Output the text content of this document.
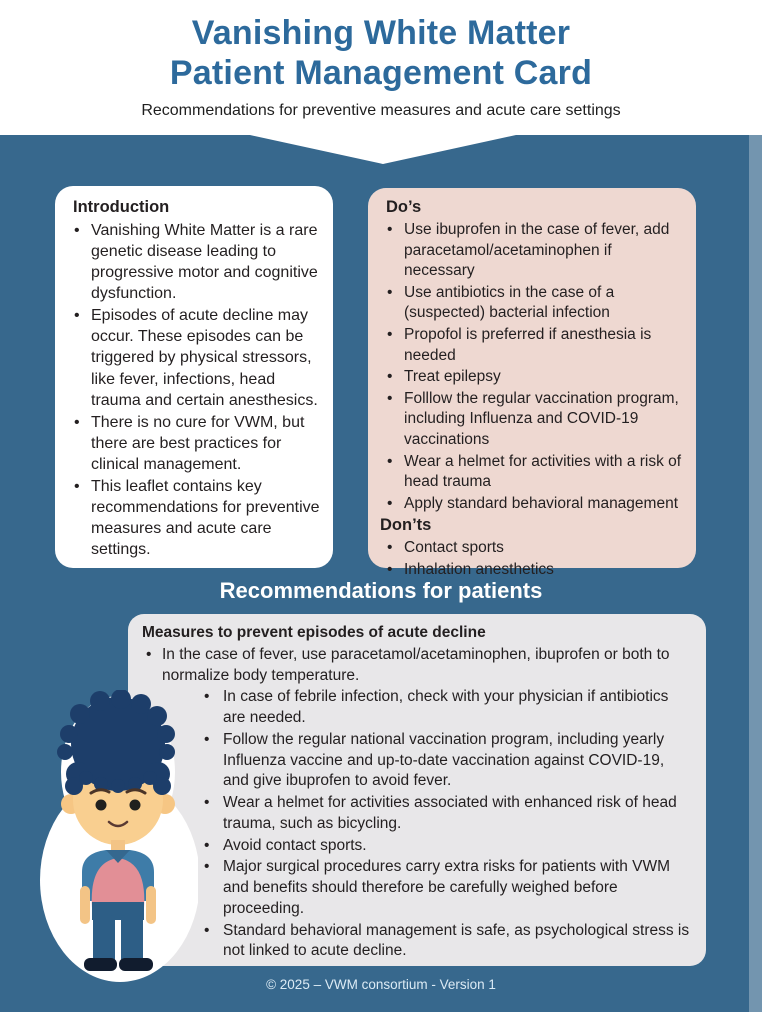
Vanishing White Matter
Patient Management Card
Recommendations for preventive measures and acute care settings
Introduction
• Vanishing White Matter is a rare genetic disease leading to progressive motor and cognitive dysfunction.
• Episodes of acute decline may occur. These episodes can be triggered by physical stressors, like fever, infections, head trauma and certain anesthesics.
• There is no cure for VWM, but there are best practices for clinical management.
• This leaflet contains key recommendations for preventive measures and acute care settings.
Do’s
• Use ibuprofen in the case of fever, add paracetamol/acetaminophen if necessary
• Use antibiotics in the case of a (suspected) bacterial infection
• Propofol is preferred if anesthesia is needed
• Treat epilepsy
• Folllow the regular vaccination program, including Influenza and COVID-19 vaccinations
• Wear a helmet for activities with a risk of head trauma
• Apply standard behavioral management
Don’ts
• Contact sports
• Inhalation anesthetics
Recommendations for patients
Measures to prevent episodes of acute decline
• In the case of fever, use paracetamol/acetaminophen, ibuprofen or both to normalize body temperature.
• In case of febrile infection, check with your physician if antibiotics are needed.
• Follow the regular national vaccination program, including yearly Influenza vaccine and up-to-date vaccination against COVID-19, and give ibuprofen to avoid fever.
• Wear a helmet for activities associated with enhanced risk of head trauma, such as bicycling.
• Avoid contact sports.
• Major surgical procedures carry extra risks for patients with VWM and benefits should therefore be carefully weighed before proceeding.
• Standard behavioral management is safe, as psychological stress is not linked to acute decline.
© 2025 – VWM consortium - Version 1
